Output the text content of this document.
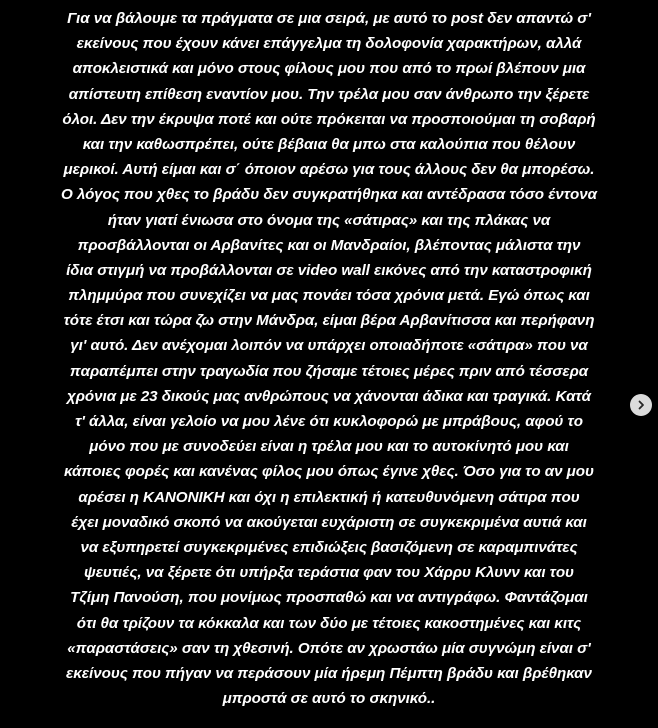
Για να βάλουμε τα πράγματα σε μια σειρά, με αυτό το post δεν απαντώ σ'
εκείνους που έχουν κάνει επάγγελμα τη δολοφονία χαρακτήρων, αλλά
αποκλειστικά και μόνο στους φίλους μου που από το πρωί βλέπουν μια
απίστευτη επίθεση εναντίον μου. Την τρέλα μου σαν άνθρωπο την ξέρετε
όλοι. Δεν την έκρυψα ποτέ και ούτε πρόκειται να προσποιούμαι τη σοβαρή
και την καθωσπρέπει, ούτε βέβαια θα μπω στα καλούπια που θέλουν
μερικοί. Αυτή είμαι και σ΄ όποιον αρέσω για τους άλλους δεν θα μπορέσω.
Ο λόγος που χθες το βράδυ δεν συγκρατήθηκα και αντέδρασα τόσο έντονα
ήταν γιατί ένιωσα στο όνομα της «σάτιρας» και της πλάκας να
προσβάλλονται οι Αρβανίτες και οι Μανδραίοι, βλέποντας μάλιστα την
ίδια στιγμή να προβάλλονται σε video wall εικόνες από την καταστροφική
πλημμύρα που συνεχίζει να μας πονάει τόσα χρόνια μετά. Εγώ όπως και
τότε έτσι και τώρα ζω στην Μάνδρα, είμαι βέρα Αρβανίτισσα και περήφανη
γι' αυτό. Δεν ανέχομαι λοιπόν να υπάρχει οποιαδήποτε «σάτιρα» που να
παραπέμπει στην τραγωδία που ζήσαμε τέτοιες μέρες πριν από τέσσερα
χρόνια με 23 δικούς μας ανθρώπους να χάνονται άδικα και τραγικά. Κατά
τ' άλλα, είναι γελοίο να μου λένε ότι κυκλοφορώ με μπράβους, αφού το
μόνο που με συνοδεύει είναι η τρέλα μου και το αυτοκίνητό μου και
κάποιες φορές και κανένας φίλος μου όπως έγινε χθες. Όσο για το αν μου
αρέσει η ΚΑΝΟΝΙΚΗ και όχι η επιλεκτική ή κατευθυνόμενη σάτιρα που
έχει μοναδικό σκοπό να ακούγεται ευχάριστη σε συγκεκριμένα αυτιά και
να εξυπηρετεί συγκεκριμένες επιδιώξεις βασιζόμενη σε καραμπινάτες
ψευτιές, να ξέρετε ότι υπήρξα τεράστια φαν του Χάρρυ Κλυνν και του
Τζίμη Πανούση, που μονίμως προσπαθώ και να αντιγράφω. Φαντάζομαι
ότι θα τρίζουν τα κόκκαλα και των δύο με τέτοιες κακοστημένες και κιτς
«παραστάσεις» σαν τη χθεσινή. Οπότε αν χρωστάω μία συγνώμη είναι σ'
εκείνους που πήγαν να περάσουν μία ήρεμη Πέμπτη βράδυ και βρέθηκαν
μπροστά σε αυτό το σκηνικό..
